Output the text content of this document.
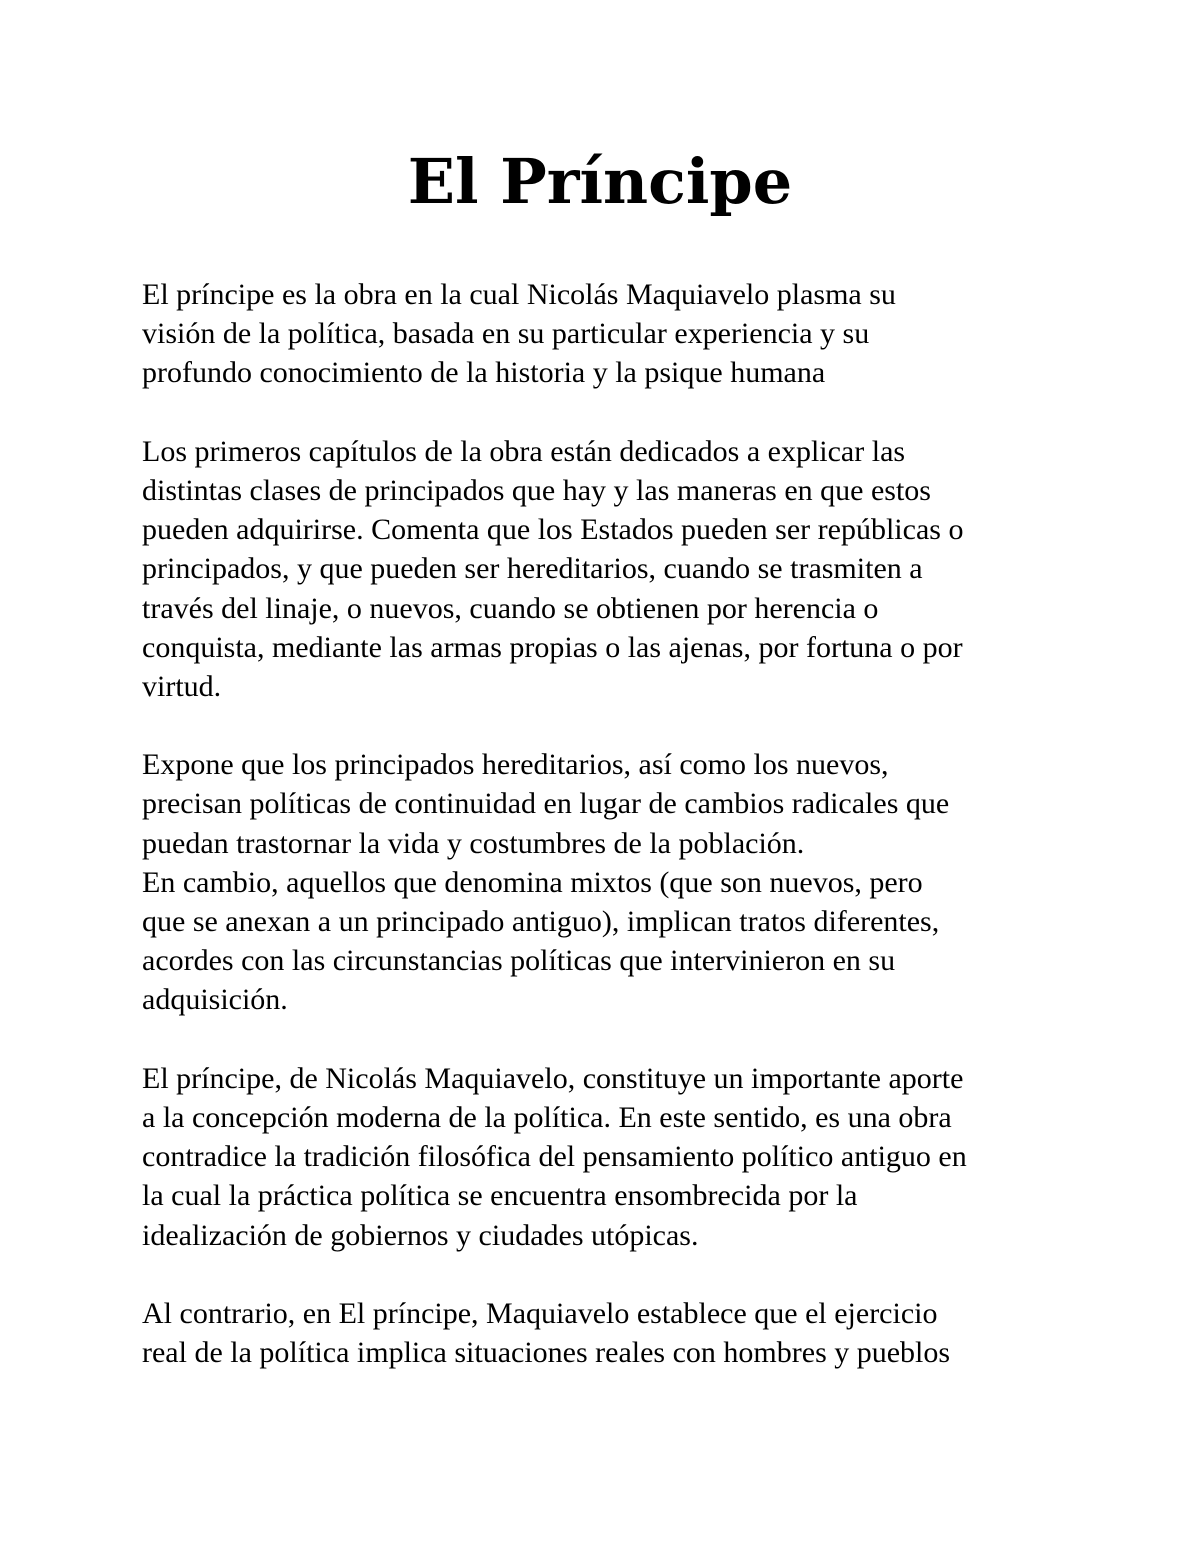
El Príncipe
El príncipe es la obra en la cual Nicolás Maquiavelo plasma su
visión de la política, basada en su particular experiencia y su
profundo conocimiento de la historia y la psique humana
Los primeros capítulos de la obra están dedicados a explicar las
distintas clases de principados que hay y las maneras en que estos
pueden adquirirse. Comenta que los Estados pueden ser repúblicas o
principados, y que pueden ser hereditarios, cuando se trasmiten a
través del linaje, o nuevos, cuando se obtienen por herencia o
conquista, mediante las armas propias o las ajenas, por fortuna o por
virtud.
Expone que los principados hereditarios, así como los nuevos,
precisan políticas de continuidad en lugar de cambios radicales que
puedan trastornar la vida y costumbres de la población.
En cambio, aquellos que denomina mixtos (que son nuevos, pero
que se anexan a un principado antiguo), implican tratos diferentes,
acordes con las circunstancias políticas que intervinieron en su
adquisición.
El príncipe, de Nicolás Maquiavelo, constituye un importante aporte
a la concepción moderna de la política. En este sentido, es una obra
contradice la tradición filosófica del pensamiento político antiguo en
la cual la práctica política se encuentra ensombrecida por la
idealización de gobiernos y ciudades utópicas.
Al contrario, en El príncipe, Maquiavelo establece que el ejercicio
real de la política implica situaciones reales con hombres y pueblos
